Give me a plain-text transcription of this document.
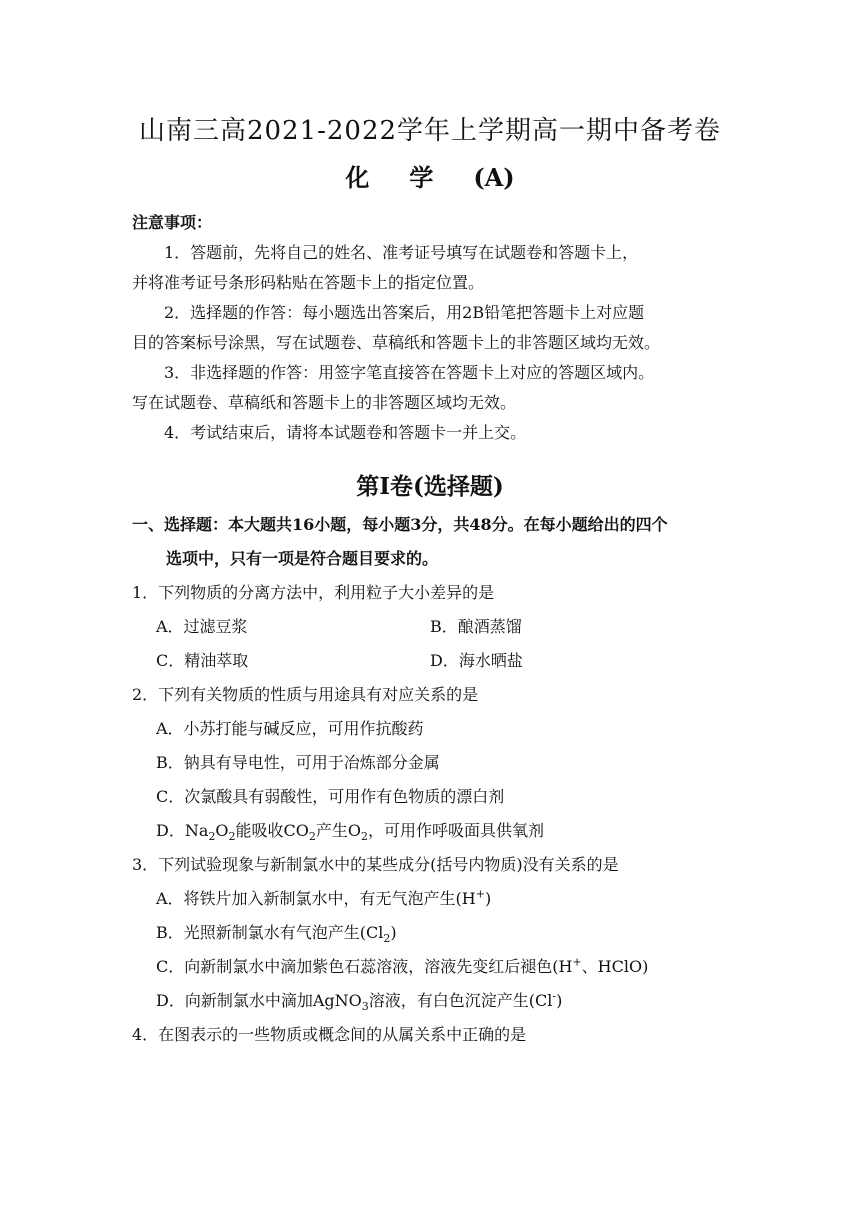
山南三高2021-2022学年上学期高一期中备考卷
化 学 (A)
注意事项：
1．答题前，先将自己的姓名、准考证号填写在试题卷和答题卡上，
并将准考证号条形码粘贴在答题卡上的指定位置。
2．选择题的作答：每小题选出答案后，用2B铅笔把答题卡上对应题
目的答案标号涂黑，写在试题卷、草稿纸和答题卡上的非答题区域均无效。
3．非选择题的作答：用签字笔直接答在答题卡上对应的答题区域内。
写在试题卷、草稿纸和答题卡上的非答题区域均无效。
4．考试结束后，请将本试题卷和答题卡一并上交。
第Ⅰ卷(选择题)
一、选择题：本大题共16小题，每小题3分，共48分。在每小题给出的四个
选项中，只有一项是符合题目要求的。
1．下列物质的分离方法中，利用粒子大小差异的是
A．过滤豆浆	B．酿酒蒸馏
C．精油萃取	D．海水晒盐
2．下列有关物质的性质与用途具有对应关系的是
A．小苏打能与碱反应，可用作抗酸药
B．钠具有导电性，可用于冶炼部分金属
C．次氯酸具有弱酸性，可用作有色物质的漂白剂
D．$Na_2O_2$能吸收$CO_2$产生$O_2$，可用作呼吸面具供氧剂
3．下列试验现象与新制氯水中的某些成分(括号内物质)没有关系的是
A．将铁片加入新制氯水中，有无气泡产生(H+)
B．光照新制氯水有气泡产生$(Cl_2)$
C．向新制氯水中滴加紫色石蕊溶液，溶液先变红后褪色(H+、HClO)
D．向新制氯水中滴加AgNO$_3$溶液，有白色沉淀产生(Cl-)
4．在图表示的一些物质或概念间的从属关系中正确的是
